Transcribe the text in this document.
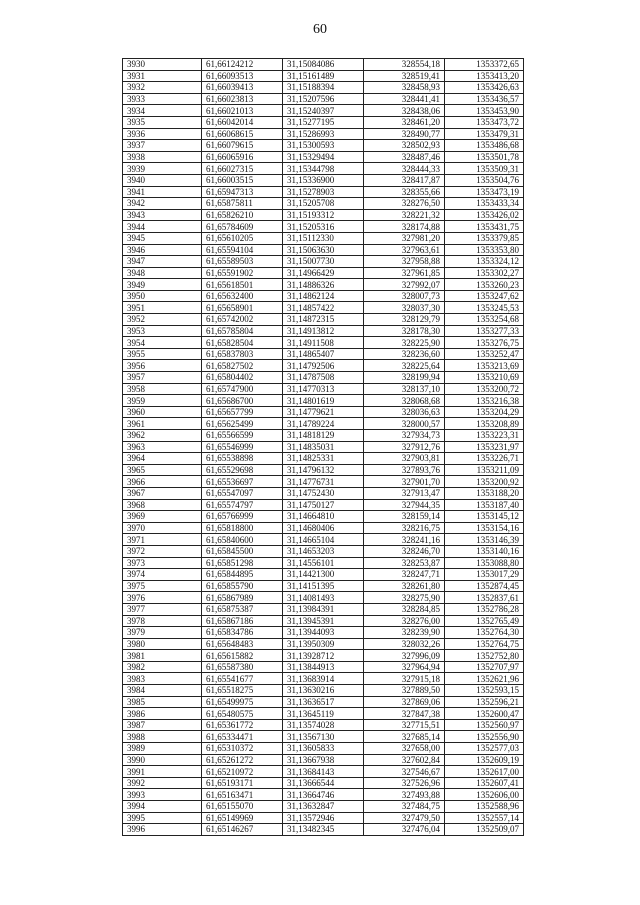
60
3930	61,66124212	31,15084086	328554,18	1353372,65
3931	61,66093513	31,15161489	328519,41	1353413,20
3932	61,66039413	31,15188394	328458,93	1353426,63
3933	61,66023813	31,15207596	328441,41	1353436,57
3934	61,66021013	31,15240397	328438,06	1353453,90
3935	61,66042014	31,15277195	328461,20	1353473,72
3936	61,66068615	31,15286993	328490,77	1353479,31
3937	61,66079615	31,15300593	328502,93	1353486,68
3938	61,66065916	31,15329494	328487,46	1353501,78
3939	61,66027315	31,15344798	328444,33	1353509,31
3940	61,66003515	31,15336900	328417,87	1353504,76
3941	61,65947313	31,15278903	328355,66	1353473,19
3942	61,65875811	31,15205708	328276,50	1353433,34
3943	61,65826210	31,15193312	328221,32	1353426,02
3944	61,65784609	31,15205316	328174,88	1353431,75
3945	61,65610205	31,15112330	327981,20	1353379,85
3946	61,65594104	31,15063630	327963,61	1353353,80
3947	61,65589503	31,15007730	327958,88	1353324,12
3948	61,65591902	31,14966429	327961,85	1353302,27
3949	61,65618501	31,14886326	327992,07	1353260,23
3950	61,65632400	31,14862124	328007,73	1353247,62
3951	61,65658901	31,14857422	328037,30	1353245,53
3952	61,65742002	31,14872315	328129,79	1353254,68
3953	61,65785804	31,14913812	328178,30	1353277,33
3954	61,65828504	31,14911508	328225,90	1353276,75
3955	61,65837803	31,14865407	328236,60	1353252,47
3956	61,65827502	31,14792506	328225,64	1353213,69
3957	61,65804402	31,14787508	328199,94	1353210,69
3958	61,65747900	31,14770313	328137,10	1353200,72
3959	61,65686700	31,14801619	328068,68	1353216,38
3960	61,65657799	31,14779621	328036,63	1353204,29
3961	61,65625499	31,14789224	328000,57	1353208,89
3962	61,65566599	31,14818129	327934,73	1353223,31
3963	61,65546999	31,14835031	327912,76	1353231,97
3964	61,65538898	31,14825331	327903,81	1353226,71
3965	61,65529698	31,14796132	327893,76	1353211,09
3966	61,65536697	31,14776731	327901,70	1353200,92
3967	61,65547097	31,14752430	327913,47	1353188,20
3968	61,65574797	31,14750127	327944,35	1353187,40
3969	61,65766999	31,14664810	328159,14	1353145,12
3970	61,65818800	31,14680406	328216,75	1353154,16
3971	61,65840600	31,14665104	328241,16	1353146,39
3972	61,65845500	31,14653203	328246,70	1353140,16
3973	61,65851298	31,14556101	328253,87	1353088,80
3974	61,65844895	31,14421300	328247,71	1353017,29
3975	61,65855790	31,14151395	328261,80	1352874,45
3976	61,65867989	31,14081493	328275,90	1352837,61
3977	61,65875387	31,13984391	328284,85	1352786,28
3978	61,65867186	31,13945391	328276,00	1352765,49
3979	61,65834786	31,13944093	328239,90	1352764,30
3980	61,65648483	31,13950309	328032,26	1352764,75
3981	61,65615882	31,13928712	327996,09	1352752,80
3982	61,65587380	31,13844913	327964,94	1352707,97
3983	61,65541677	31,13683914	327915,18	1352621,96
3984	61,65518275	31,13630216	327889,50	1352593,15
3985	61,65499975	31,13636517	327869,06	1352596,21
3986	61,65480575	31,13645119	327847,38	1352600,47
3987	61,65361772	31,13574028	327715,51	1352560,97
3988	61,65334471	31,13567130	327685,14	1352556,90
3989	61,65310372	31,13605833	327658,00	1352577,03
3990	61,65261272	31,13667938	327602,84	1352609,19
3991	61,65210972	31,13684143	327546,67	1352617,00
3992	61,65193171	31,13666544	327526,96	1352607,41
3993	61,65163471	31,13664746	327493,88	1352606,00
3994	61,65155070	31,13632847	327484,75	1352588,96
3995	61,65149969	31,13572946	327479,50	1352557,14
3996	61,65146267	31,13482345	327476,04	1352509,07
